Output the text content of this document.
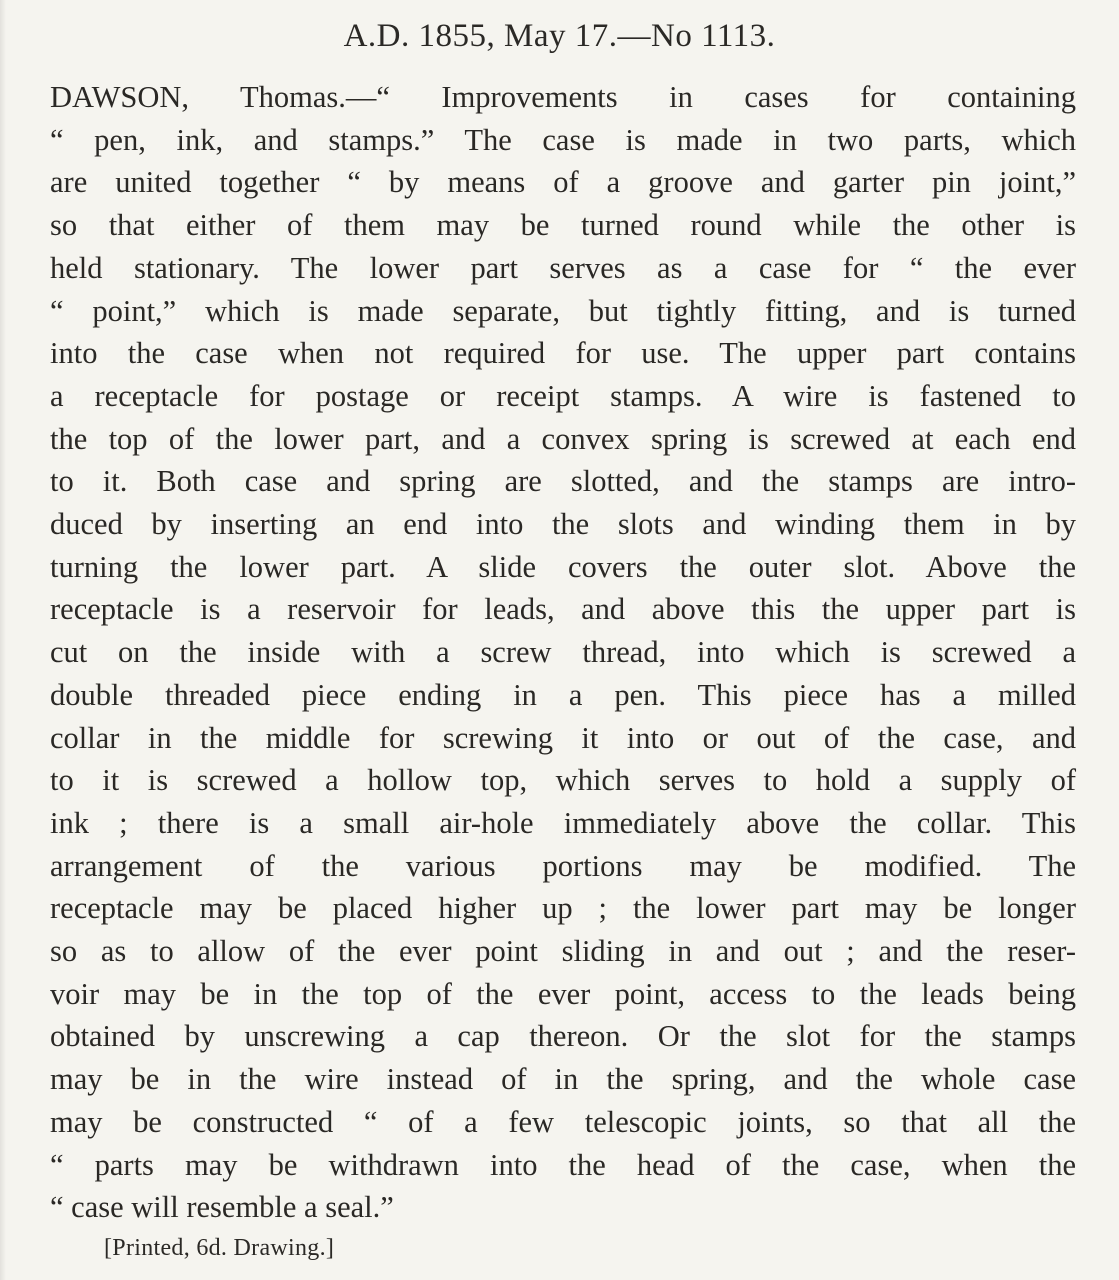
A.D. 1855, May 17.—No 1113.
DAWSON, Thomas.—“ Improvements in cases for containing
“ pen, ink, and stamps.” The case is made in two parts, which
are united together “ by means of a groove and garter pin joint,”
so that either of them may be turned round while the other is
held stationary. The lower part serves as a case for “ the ever
“ point,” which is made separate, but tightly fitting, and is turned
into the case when not required for use. The upper part contains
a receptacle for postage or receipt stamps. A wire is fastened to
the top of the lower part, and a convex spring is screwed at each end
to it. Both case and spring are slotted, and the stamps are intro-
duced by inserting an end into the slots and winding them in by
turning the lower part. A slide covers the outer slot. Above the
receptacle is a reservoir for leads, and above this the upper part is
cut on the inside with a screw thread, into which is screwed a
double threaded piece ending in a pen. This piece has a milled
collar in the middle for screwing it into or out of the case, and
to it is screwed a hollow top, which serves to hold a supply of
ink ; there is a small air-hole immediately above the collar. This
arrangement of the various portions may be modified. The
receptacle may be placed higher up ; the lower part may be longer
so as to allow of the ever point sliding in and out ; and the reser-
voir may be in the top of the ever point, access to the leads being
obtained by unscrewing a cap thereon. Or the slot for the stamps
may be in the wire instead of in the spring, and the whole case
may be constructed “ of a few telescopic joints, so that all the
“ parts may be withdrawn into the head of the case, when the
“ case will resemble a seal.”
[Printed, 6d. Drawing.]
